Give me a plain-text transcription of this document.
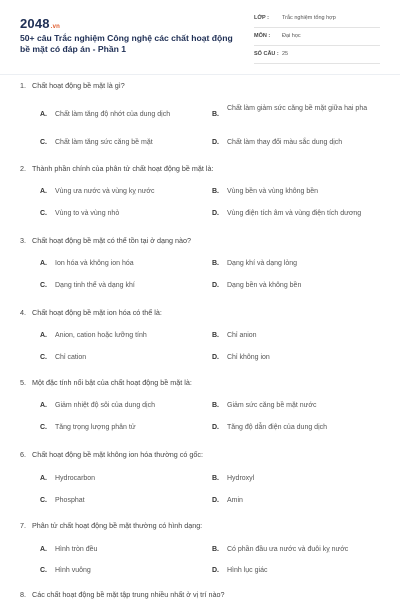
2048.vn
50+ câu Trắc nghiệm Công nghệ các chất hoạt động bề mặt có đáp án - Phần 1
LỚP : Trắc nghiệm tổng hợp
MÔN : Đại học
SỐ CÂU : 25
1. Chất hoạt động bề mặt là gì?
A. Chất làm tăng độ nhớt của dung dịch	B.
Chất làm giảm sức căng bề mặt giữa hai pha
C. Chất làm tăng sức căng bề mặt	D. Chất làm thay đổi màu sắc dung dịch
2. Thành phần chính của phân tử chất hoạt động bề mặt là:
A. Vùng ưa nước và vùng kỵ nước	B. Vùng bền và vùng không bền
C. Vùng to và vùng nhỏ	D. Vùng điện tích âm và vùng điện tích dương
3. Chất hoạt động bề mặt có thể tồn tại ở dạng nào?
A. Ion hóa và không ion hóa	B. Dạng khí và dạng lỏng
C. Dạng tinh thể và dạng khí	D. Dạng bền và không bền
4. Chất hoạt động bề mặt ion hóa có thể là:
A. Anion, cation hoặc lưỡng tính	B. Chỉ anion
C. Chỉ cation	D. Chỉ không ion
5. Một đặc tính nổi bật của chất hoạt động bề mặt là:
A. Giảm nhiệt độ sôi của dung dịch	B. Giảm sức căng bề mặt nước
C. Tăng trọng lượng phân tử	D. Tăng độ dẫn điện của dung dịch
6. Chất hoạt động bề mặt không ion hóa thường có gốc:
A. Hydrocarbon	B. Hydroxyl
C. Phosphat	D. Amin
7. Phân tử chất hoạt động bề mặt thường có hình dạng:
A. Hình tròn đều	B. Có phần đầu ưa nước và đuôi kỵ nước
C. Hình vuông	D. Hình lục giác
8. Các chất hoạt động bề mặt tập trung nhiều nhất ở vị trí nào?
